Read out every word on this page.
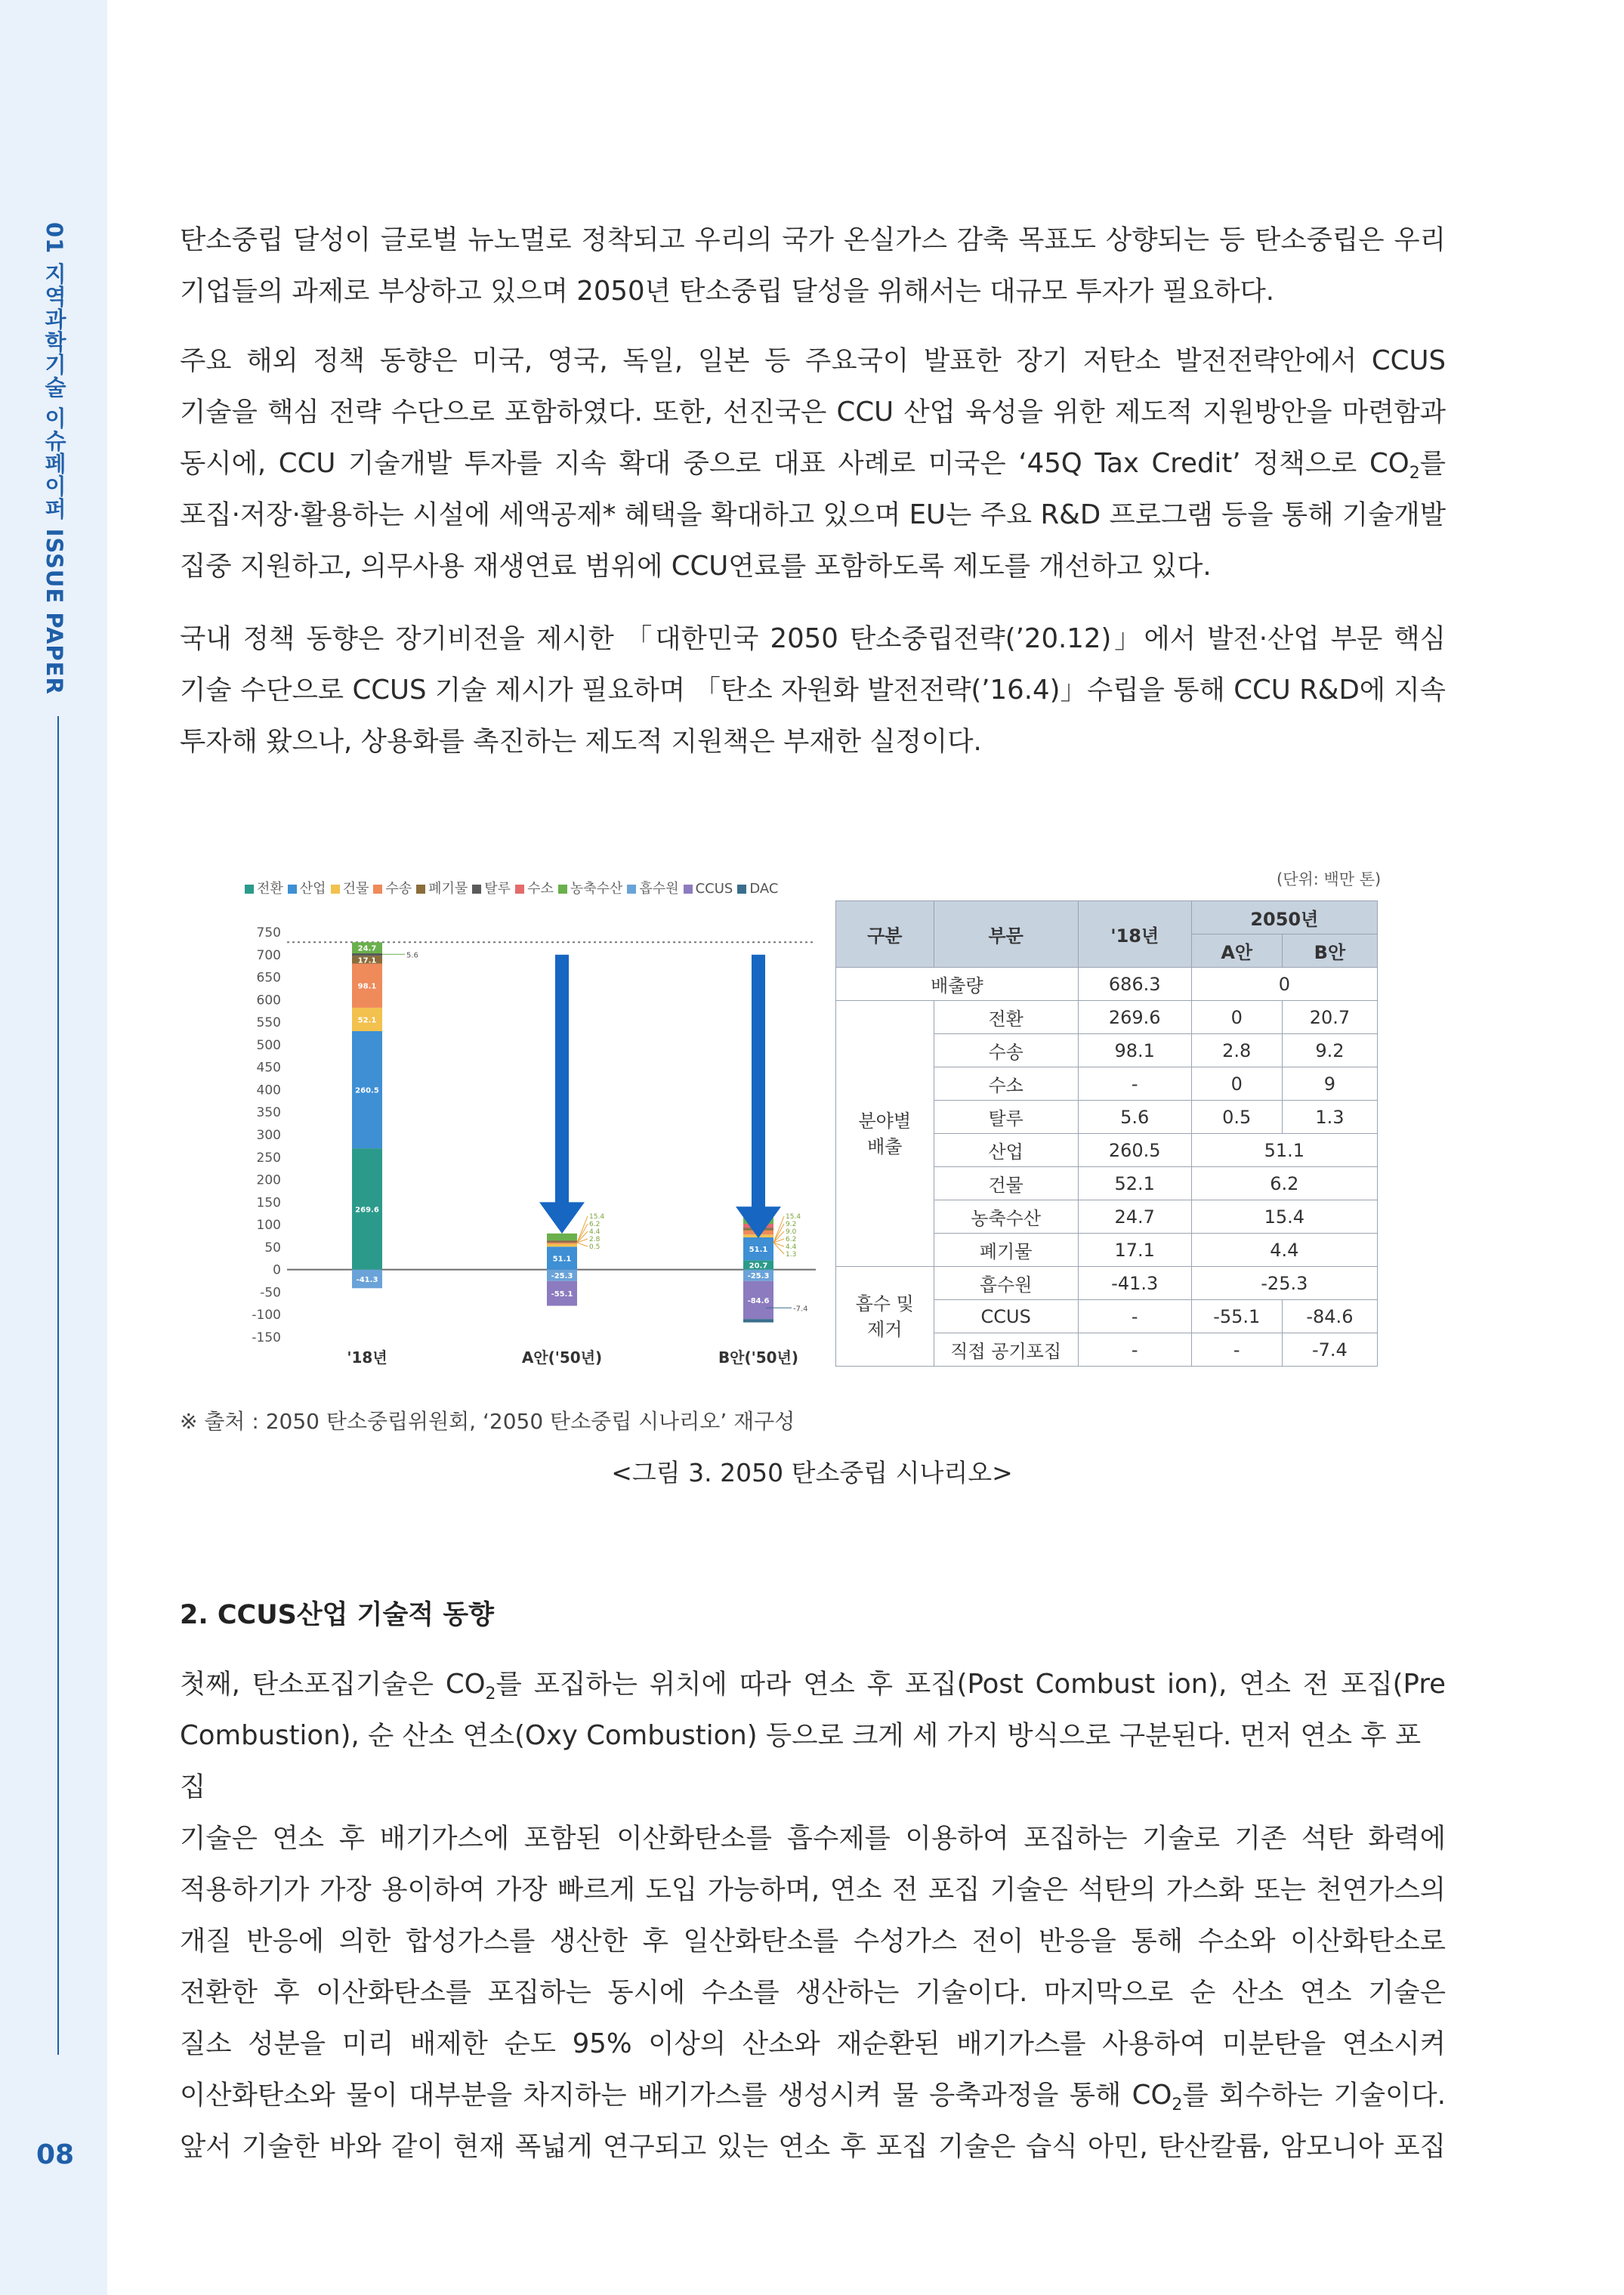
01 지역과학기술 이슈페이퍼 ISSUE PAPER
08

탄소중립 달성이 글로벌 뉴노멀로 정착되고 우리의 국가 온실가스 감축 목표도 상향되는 등 탄소중립은 우리

기업들의 과제로 부상하고 있으며 2050년 탄소중립 달성을 위해서는 대규모 투자가 필요하다.

주요 해외 정책 동향은 미국, 영국, 독일, 일본 등 주요국이 발표한 장기 저탄소 발전전략안에서 CCUS

기술을 핵심 전략 수단으로 포함하였다. 또한, 선진국은 CCU 산업 육성을 위한 제도적 지원방안을 마련함과

동시에, CCU 기술개발 투자를 지속 확대 중으로 대표 사례로 미국은 ‘45Q Tax Credit’ 정책으로 $CO_2$를

포집·저장·활용하는 시설에 세액공제* 혜택을 확대하고 있으며 EU는 주요 R&D 프로그램 등을 통해 기술개발

집중 지원하고, 의무사용 재생연료 범위에 CCU연료를 포함하도록 제도를 개선하고 있다.

국내 정책 동향은 장기비전을 제시한 「대한민국 2050 탄소중립전략(’20.12)」에서 발전·산업 부문 핵심

기술 수단으로 CCUS 기술 제시가 필요하며 「탄소 자원화 발전전략(’16.4)」수립을 통해 CCU R&D에 지속

투자해 왔으나, 상용화를 촉진하는 제도적 지원책은 부재한 실정이다.

전환 산업 건물 수송 폐기물 탈루 수소 농축수산 흡수원 CCUS DAC
(단위: 백만 톤)
750
700
650
600
550
500
450
400
350
300
250
200
150
100
50
0
-50
-100
-150
'18년	A안('50년)	B안('50년)
24.7
17.1
98.1
52.1
260.5
269.6
-41.3
51.1
-25.3
-55.1
20.7
51.1
-25.3
-84.6
5.6
15.4
6.2
4.4
2.8
0.5
15.4
9.2
9.0
6.2
4.4
1.3
-7.4
구분	부문	'18년	2050년	
			A안	B안
배출량		686.3	0	
분야별
배출	전환	269.6	0	20.7
	수송	98.1	2.8	9.2
	수소	-	0	9
	탈루	5.6	0.5	1.3
	산업	260.5	51.1	
	건물	52.1	6.2	
	농축수산	24.7	15.4	
	폐기물	17.1	4.4	
흡수 및
제거	흡수원	-41.3	-25.3	
	CCUS	-	-55.1	-84.6
	직접 공기포집	-	-	-7.4
※ 출처 : 2050 탄소중립위원회, ‘2050 탄소중립 시나리오’ 재구성
<그림 3. 2050 탄소중립 시나리오>
2. CCUS산업 기술적 동향

첫째, 탄소포집기술은 $CO_2$를 포집하는 위치에 따라 연소 후 포집(Post Combust ion), 연소 전 포집(Pre

Combustion), 순 산소 연소(Oxy Combustion) 등으로 크게 세 가지 방식으로 구분된다. 먼저 연소 후 포집

기술은 연소 후 배기가스에 포함된 이산화탄소를 흡수제를 이용하여 포집하는 기술로 기존 석탄 화력에

적용하기가 가장 용이하여 가장 빠르게 도입 가능하며, 연소 전 포집 기술은 석탄의 가스화 또는 천연가스의

개질 반응에 의한 합성가스를 생산한 후 일산화탄소를 수성가스 전이 반응을 통해 수소와 이산화탄소로

전환한 후 이산화탄소를 포집하는 동시에 수소를 생산하는 기술이다. 마지막으로 순 산소 연소 기술은

질소 성분을 미리 배제한 순도 95% 이상의 산소와 재순환된 배기가스를 사용하여 미분탄을 연소시켜

이산화탄소와 물이 대부분을 차지하는 배기가스를 생성시켜 물 응축과정을 통해 $CO_2$를 회수하는 기술이다.

앞서 기술한 바와 같이 현재 폭넓게 연구되고 있는 연소 후 포집 기술은 습식 아민, 탄산칼륨, 암모니아 포집
